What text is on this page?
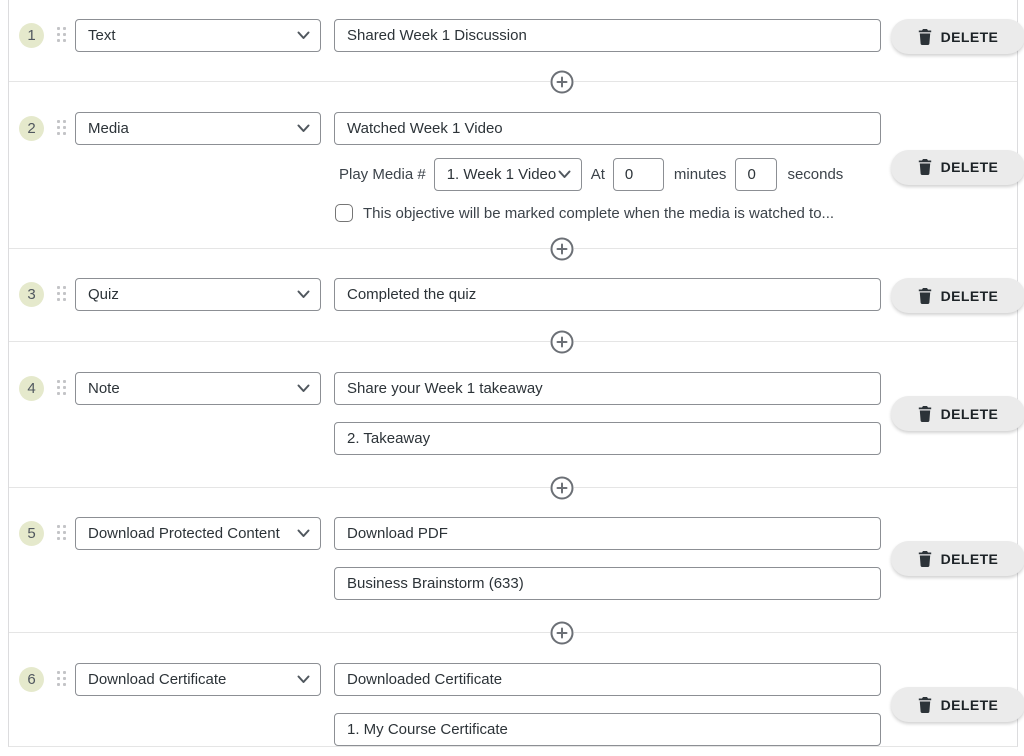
1	Text
Shared Week 1 Discussion	DELETE
2	Media
Watched Week 1 Video
Play Media # 1. Week 1 Video At
0	minutes
0	seconds
This objective will be marked complete when the media is watched to...
DELETE
3	Quiz
Completed the quiz	DELETE
4	Note
Share your Week 1 takeaway
2. Takeaway
DELETE
5	Download Protected Content
Download PDF
Business Brainstorm (633)
DELETE
6	Download Certificate
Downloaded Certificate
1. My Course Certificate
DELETE
